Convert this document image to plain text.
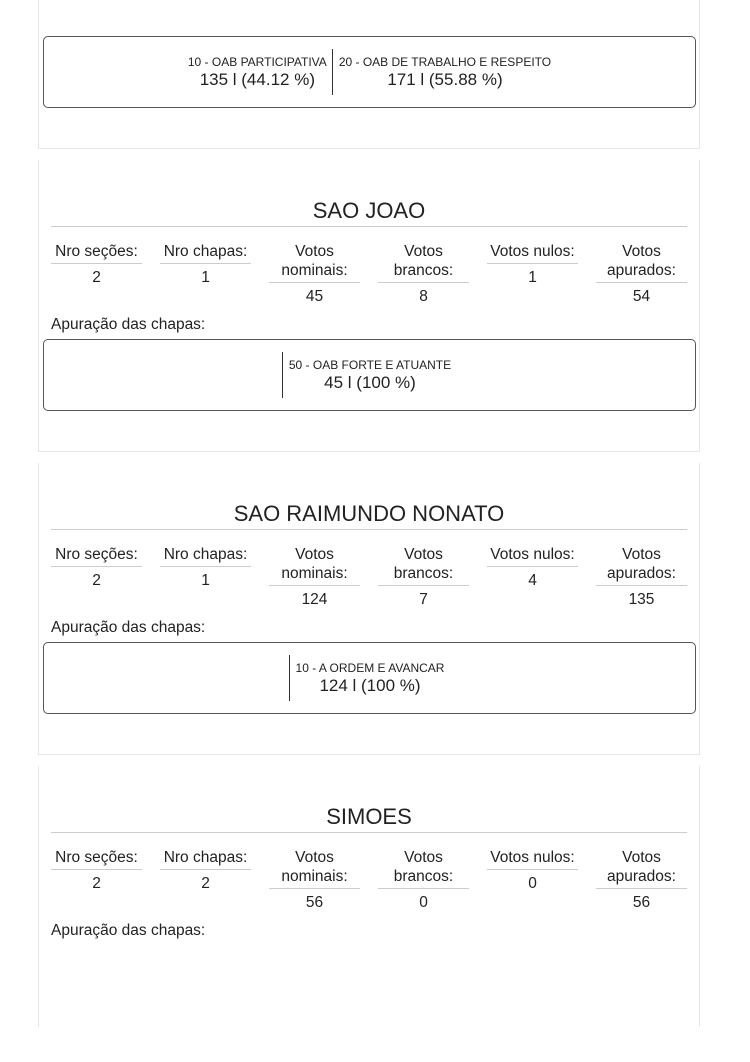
10 - OAB PARTICIPATIVA
135 l (44.12 %)
20 - OAB DE TRABALHO E RESPEITO
171 l (55.88 %)
SAO JOAO
Nro seções:
2
Nro chapas:
1
Votos nominais:
45
Votos brancos:
8
Votos nulos:
1
Votos apurados:
54
Apuração das chapas:
50 - OAB FORTE E ATUANTE
45 l (100 %)
SAO RAIMUNDO NONATO
Nro seções:
2
Nro chapas:
1
Votos nominais:
124
Votos brancos:
7
Votos nulos:
4
Votos apurados:
135
Apuração das chapas:
10 - A ORDEM E AVANCAR
124 l (100 %)
SIMOES
Nro seções:
2
Nro chapas:
2
Votos nominais:
56
Votos brancos:
0
Votos nulos:
0
Votos apurados:
56
Apuração das chapas:
